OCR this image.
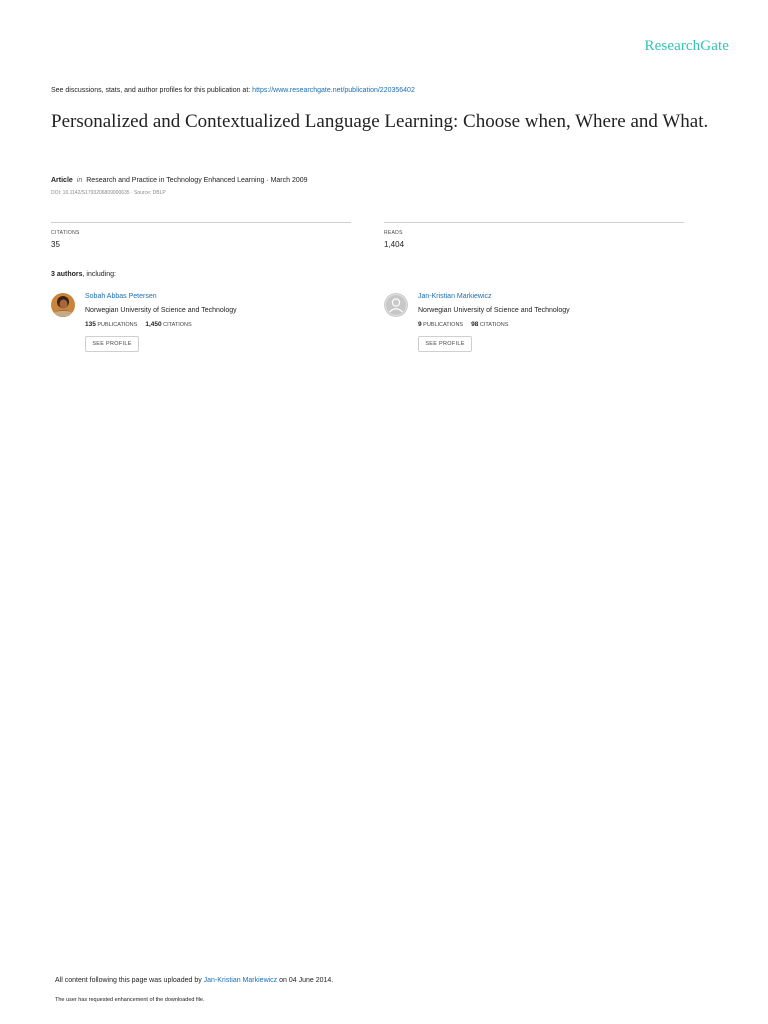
ResearchGate
See discussions, stats, and author profiles for this publication at: https://www.researchgate.net/publication/220356402
Personalized and Contextualized Language Learning: Choose when, Where and What.
Article in Research and Practice in Technology Enhanced Learning · March 2009
DOI: 10.1142/S1793206809000635 · Source: DBLP
CITATIONS
35
READS
1,404
3 authors, including:
Sobah Abbas Petersen
Norwegian University of Science and Technology
135 PUBLICATIONS 1,450 CITATIONS
SEE PROFILE
Jan-Kristian Markiewicz
Norwegian University of Science and Technology
9 PUBLICATIONS 98 CITATIONS
SEE PROFILE
All content following this page was uploaded by Jan-Kristian Markiewicz on 04 June 2014.
The user has requested enhancement of the downloaded file.
